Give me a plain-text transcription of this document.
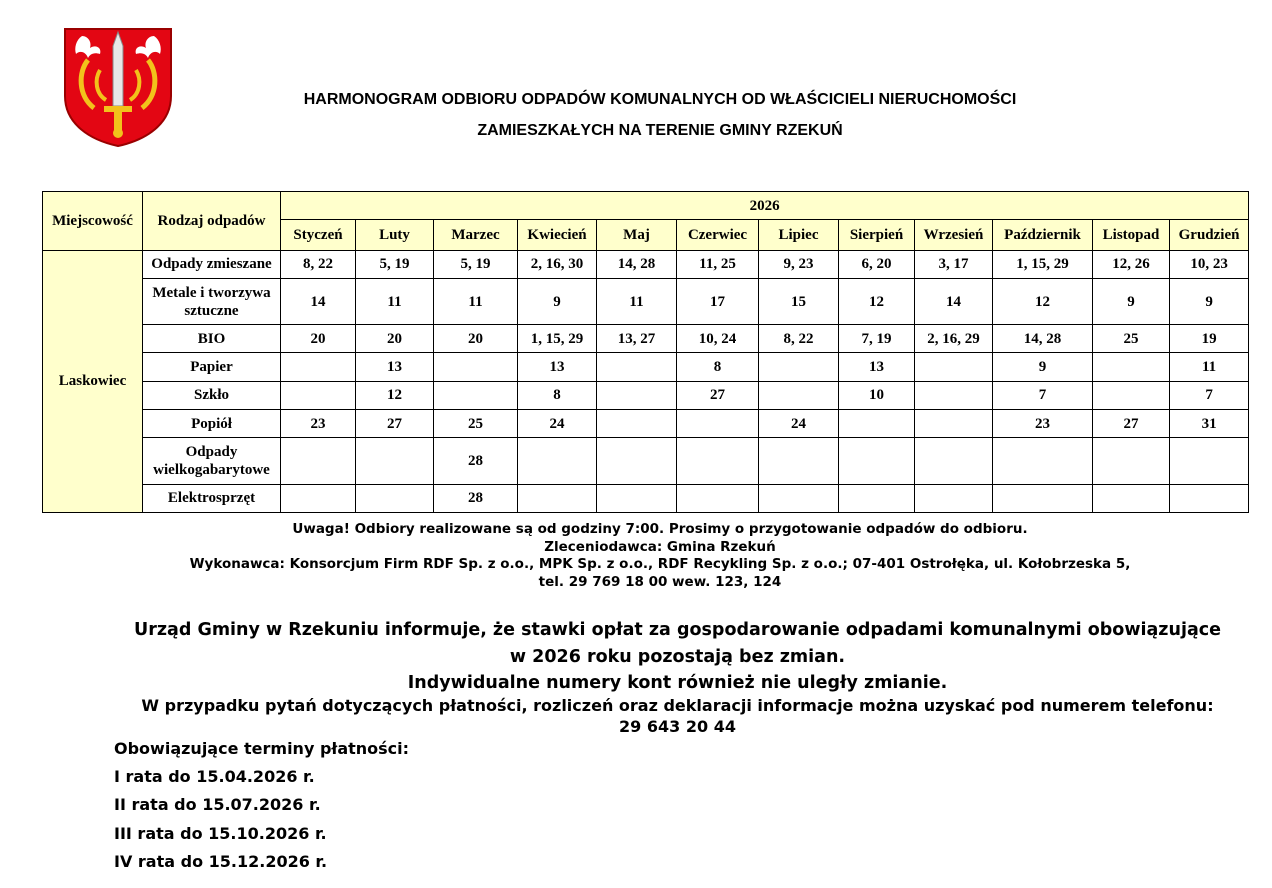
HARMONOGRAM ODBIORU ODPADÓW KOMUNALNYCH OD WŁAŚCICIELI NIERUCHOMOŚCI
ZAMIESZKAŁYCH NA TERENIE GMINY RZEKUŃ
Miejscowość	Rodzaj odpadów	2026											
		Styczeń	Luty	Marzec	Kwiecień	Maj	Czerwiec	Lipiec	Sierpień	Wrzesień	Październik	Listopad	Grudzień
Laskowiec	Odpady zmieszane	8, 22	5, 19	5, 19	2, 16, 30	14, 28	11, 25	9, 23	6, 20	3, 17	1, 15, 29	12, 26	10, 23
	Metale i tworzywa sztuczne	14	11	11	9	11	17	15	12	14	12	9	9
	BIO	20	20	20	1, 15, 29	13, 27	10, 24	8, 22	7, 19	2, 16, 29	14, 28	25	19
	Papier		13		13		8		13		9		11
	Szkło		12		8		27		10		7		7
	Popiół	23	27	25	24			24			23	27	31
	Odpady wielkogabarytowe			28									
	Elektrosprzęt			28									
Uwaga! Odbiory realizowane są od godziny 7:00. Prosimy o przygotowanie odpadów do odbioru.
Zleceniodawca: Gmina Rzekuń
Wykonawca: Konsorcjum Firm RDF Sp. z o.o., MPK Sp. z o.o., RDF Recykling Sp. z o.o.; 07-401 Ostrołęka, ul. Kołobrzeska 5,
tel. 29 769 18 00 wew. 123, 124
Urząd Gminy w Rzekuniu informuje, że stawki opłat za gospodarowanie odpadami komunalnymi obowiązujące
w 2026 roku pozostają bez zmian.
Indywidualne numery kont również nie uległy zmianie.
W przypadku pytań dotyczących płatności, rozliczeń oraz deklaracji informacje można uzyskać pod numerem telefonu:
29 643 20 44
Obowiązujące terminy płatności:
I rata do 15.04.2026 r.
II rata do 15.07.2026 r.
III rata do 15.10.2026 r.
IV rata do 15.12.2026 r.
